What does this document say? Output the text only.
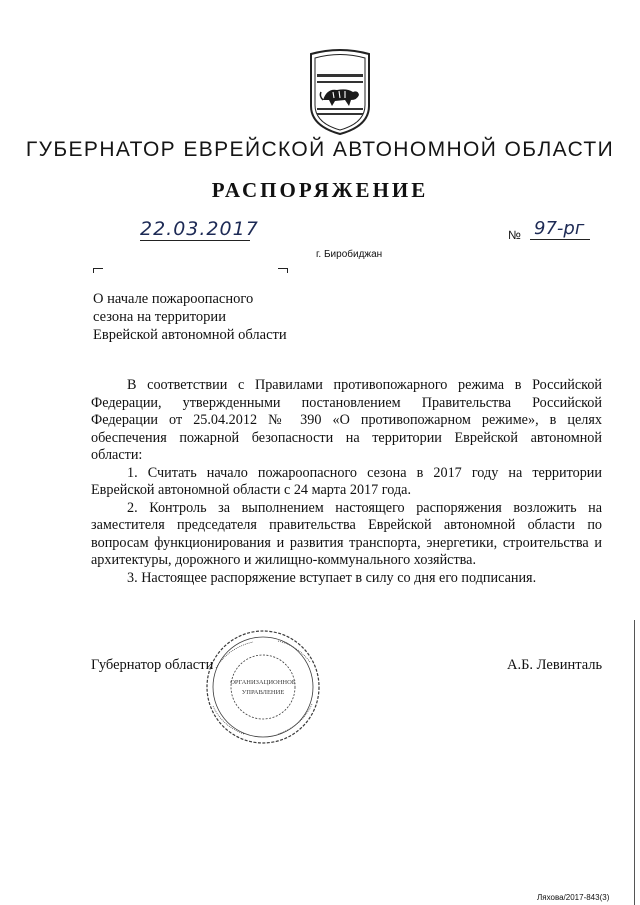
ГУБЕРНАТОР ЕВРЕЙСКОЙ АВТОНОМНОЙ ОБЛАСТИ
РАСПОРЯЖЕНИЕ
22.03.2017	№ 97-рг
г. Биробиджан
О начале пожароопасного
сезона на территории
Еврейской автономной области

В соответствии с Правилами противопожарного режима в Российской Федерации, утвержденными постановлением Правительства Российской Федерации от 25.04.2012 № 390 «О противопожарном режиме», в целях обеспечения пожарной безопасности на территории Еврейской автономной области:

1. Считать начало пожароопасного сезона в 2017 году на территории Еврейской автономной области с 24 марта 2017 года.

2. Контроль за выполнением настоящего распоряжения возложить на заместителя председателя правительства Еврейской автономной области по вопросам функционирования и развития транспорта, энергетики, строительства и архитектуры, дорожного и жилищно-коммунального хозяйства.

3. Настоящее распоряжение вступает в силу со дня его подписания.

ОРГАНИЗАЦИОННОЕ
УПРАВЛЕНИЕ
Губернатор области	А.Б. Левинталь
Ляхова/2017-843(3)
